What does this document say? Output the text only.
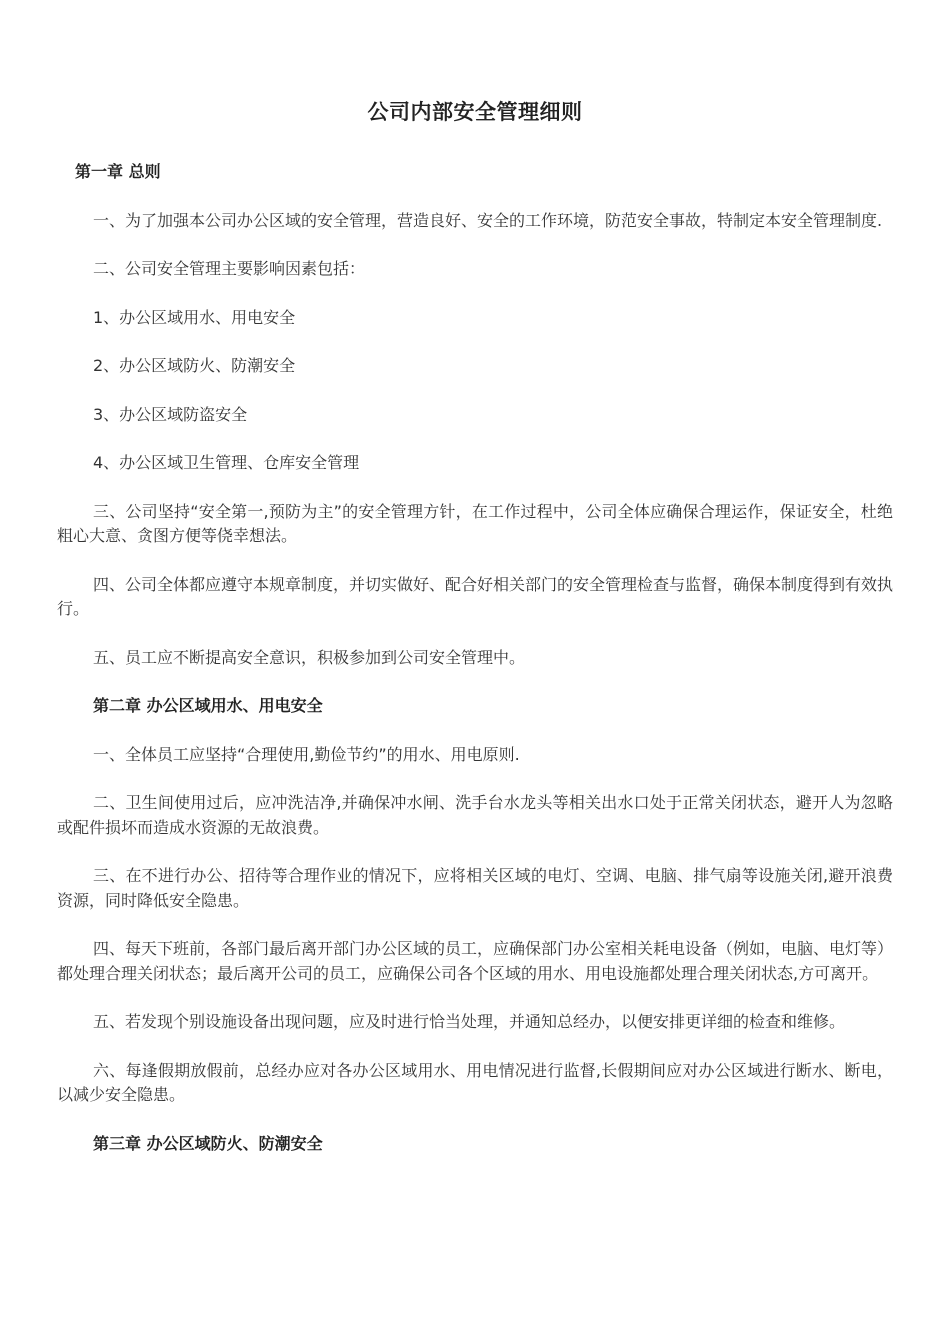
公司内部安全管理细则

第一章 总则

一、为了加强本公司办公区域的安全管理，营造良好、安全的工作环境，防范安全事故，特制定本安全管理制度.

二、公司安全管理主要影响因素包括：

1、办公区域用水、用电安全

2、办公区域防火、防潮安全

3、办公区域防盗安全

4、办公区域卫生管理、仓库安全管理

三、公司坚持“安全第一,预防为主”的安全管理方针，在工作过程中，公司全体应确保合理运作，保证安全，杜绝粗心大意、贪图方便等侥幸想法。

四、公司全体都应遵守本规章制度，并切实做好、配合好相关部门的安全管理检查与监督，确保本制度得到有效执行。

五、员工应不断提高安全意识，积极参加到公司安全管理中。

第二章 办公区域用水、用电安全

一、全体员工应坚持“合理使用,勤俭节约”的用水、用电原则.

二、卫生间使用过后，应冲洗洁净,并确保冲水闸、洗手台水龙头等相关出水口处于正常关闭状态，避开人为忽略或配件损坏而造成水资源的无故浪费。

三、在不进行办公、招待等合理作业的情况下，应将相关区域的电灯、空调、电脑、排气扇等设施关闭,避开浪费资源，同时降低安全隐患。

四、每天下班前，各部门最后离开部门办公区域的员工，应确保部门办公室相关耗电设备（例如，电脑、电灯等）都处理合理关闭状态；最后离开公司的员工，应确保公司各个区域的用水、用电设施都处理合理关闭状态,方可离开。

五、若发现个别设施设备出现问题，应及时进行恰当处理，并通知总经办，以便安排更详细的检查和维修。

六、每逢假期放假前，总经办应对各办公区域用水、用电情况进行监督,长假期间应对办公区域进行断水、断电，以减少安全隐患。

第三章 办公区域防火、防潮安全
